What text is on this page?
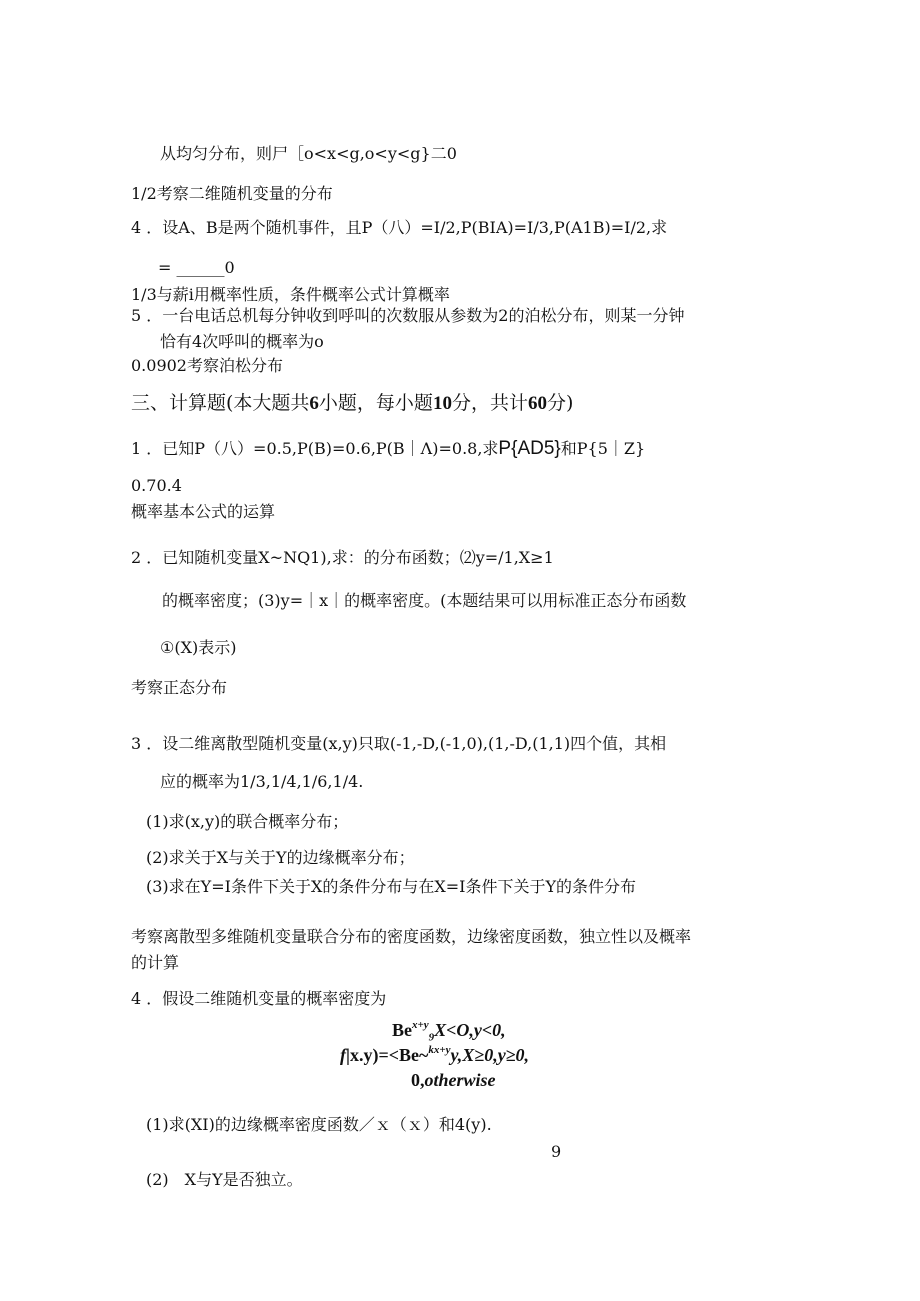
从均匀分布，则尸［o<x<g,o<y<g}二0
1/2考察二维随机变量的分布
4 ．设A、B是两个随机事件，且P（八）=I/2,P(BIA)=I/3,P(A1B)=I/2,求
= ______0
1/3与薪i用概率性质，条件概率公式计算概率
5 ．一台电话总机每分钟收到呼叫的次数服从参数为2的泊松分布，则某一分钟
恰有4次呼叫的概率为o
0.0902考察泊松分布
三、计算题(本大题共6小题，每小题10分，共计60分)
1 ．已知P（八）=0.5,P(B)=0.6,P(B｜Λ)=0.8,求P{AD5}和P{5｜Z}
0.70.4
概率基本公式的运算
2 ．已知随机变量X~NQ1),求：的分布函数；⑵y=/1,X≥1
的概率密度；(3)y=｜x｜的概率密度。(本题结果可以用标准正态分布函数
①(X)表示)
考察正态分布
3 ．设二维离散型随机变量(x,y)只取(-1,-D,(-1,0),(1,-D,(1,1)四个值，其相
应的概率为1/3,1/4,1/6,1/4.
(1)求(x,y)的联合概率分布；
(2)求关于X与关于Y的边缘概率分布；
(3)求在Y=I条件下关于X的条件分布与在X=I条件下关于Y的条件分布
考察离散型多维随机变量联合分布的密度函数，边缘密度函数，独立性以及概率
的计算
4 ．假设二维随机变量的概率密度为
$Be^{x+y}_9X<O,y<0$,
f|x.y)=<Be~$^{kx+y}$y,X≥0,y≥0,
0,otherwise
(1)求(XI)的边缘概率密度函数／ｘ（ｘ）和4(y).
9
(2) X与Y是否独立。
